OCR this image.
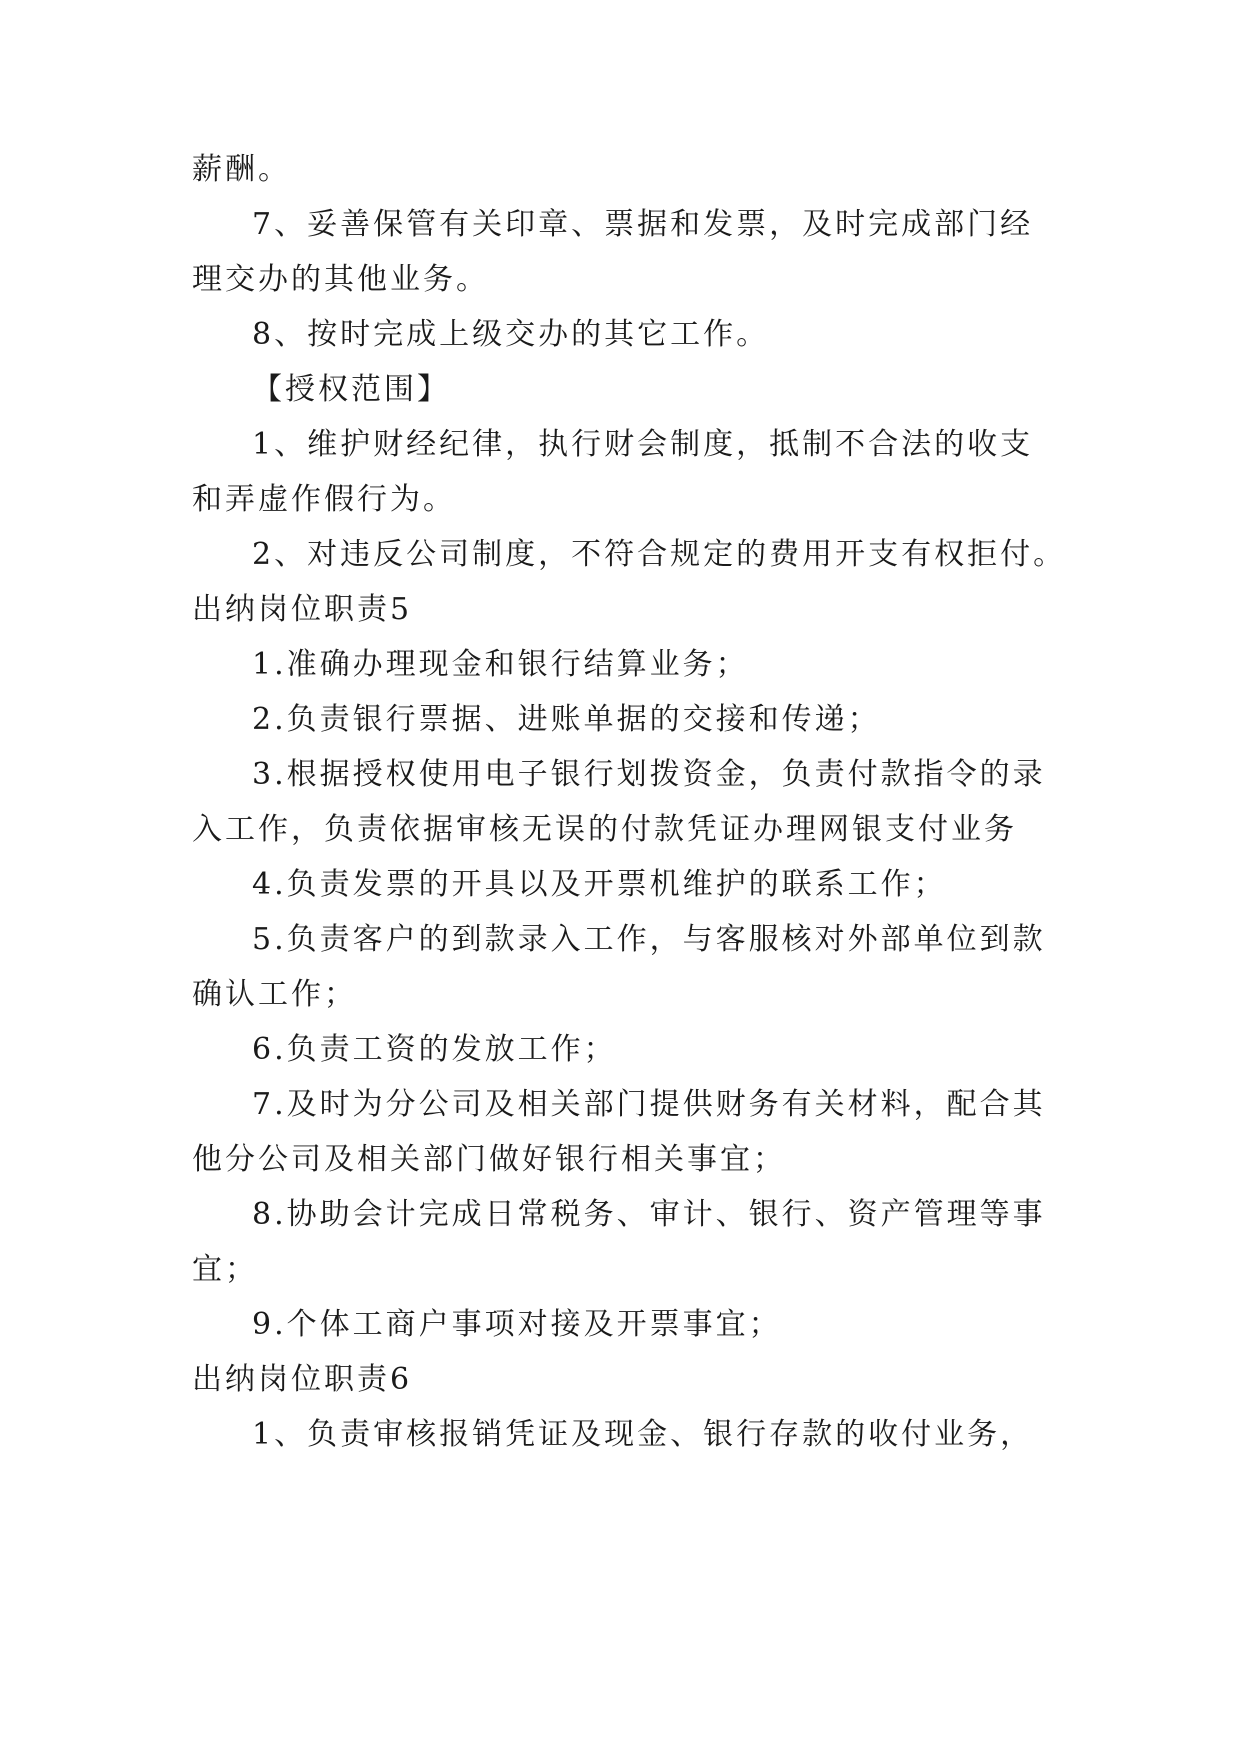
薪酬。
7、妥善保管有关印章、票据和发票，及时完成部门经
理交办的其他业务。
8、按时完成上级交办的其它工作。
【授权范围】
1、维护财经纪律，执行财会制度，抵制不合法的收支
和弄虚作假行为。
2、对违反公司制度，不符合规定的费用开支有权拒付。
出纳岗位职责5
1.准确办理现金和银行结算业务；
2.负责银行票据、进账单据的交接和传递；
3.根据授权使用电子银行划拨资金，负责付款指令的录
入工作，负责依据审核无误的付款凭证办理网银支付业务
4.负责发票的开具以及开票机维护的联系工作；
5.负责客户的到款录入工作，与客服核对外部单位到款
确认工作；
6.负责工资的发放工作；
7.及时为分公司及相关部门提供财务有关材料，配合其
他分公司及相关部门做好银行相关事宜；
8.协助会计完成日常税务、审计、银行、资产管理等事
宜；
9.个体工商户事项对接及开票事宜；
出纳岗位职责6
1、负责审核报销凭证及现金、银行存款的收付业务，
